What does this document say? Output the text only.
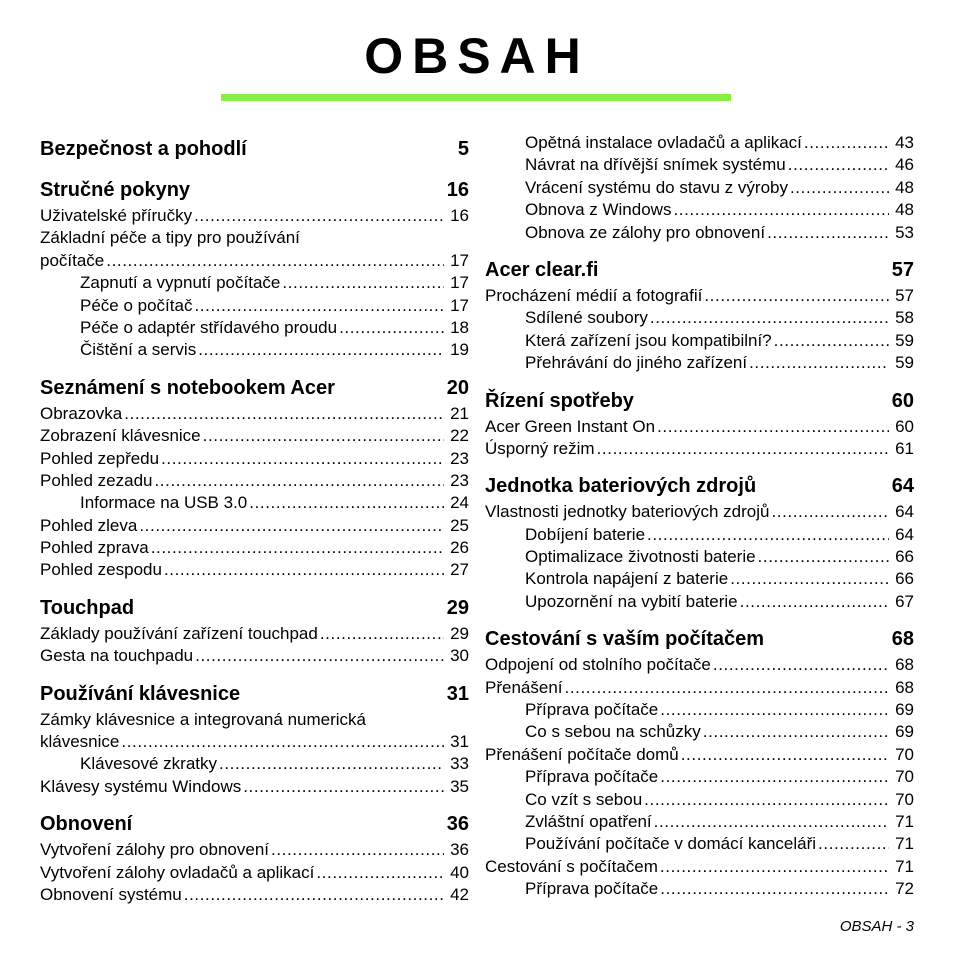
OBSAH
Bezpečnost a pohodlí	5
Stručné pokyny	16
Uživatelské příručky .....	16
Základní péče a tipy pro používání
počítače .....	17
Zapnutí a vypnutí počítače .....	17
Péče o počítač .....	17
Péče o adaptér střídavého proudu .....	18
Čištění a servis .....	19
Seznámení s notebookem Acer	20
Obrazovka .....	21
Zobrazení klávesnice .....	22
Pohled zepředu .....	23
Pohled zezadu .....	23
Informace na USB 3.0 .....	24
Pohled zleva .....	25
Pohled zprava .....	26
Pohled zespodu .....	27
Touchpad	29
Základy používání zařízení touchpad .....	29
Gesta na touchpadu .....	30
Používání klávesnice	31
Zámky klávesnice a integrovaná numerická
klávesnice .....	31
Klávesové zkratky .....	33
Klávesy systému Windows .....	35
Obnovení	36
Vytvoření zálohy pro obnovení .....	36
Vytvoření zálohy ovladačů a aplikací .....	40
Obnovení systému .....	42
Opětná instalace ovladačů a aplikací .....	43
Návrat na dřívější snímek systému .....	46
Vrácení systému do stavu z výroby .....	48
Obnova z Windows .....	48
Obnova ze zálohy pro obnovení .....	53
Acer clear.fi	57
Procházení médií a fotografií .....	57
Sdílené soubory .....	58
Která zařízení jsou kompatibilní? .....	59
Přehrávání do jiného zařízení .....	59
Řízení spotřeby	60
Acer Green Instant On .....	60
Úsporný režim .....	61
Jednotka bateriových zdrojů	64
Vlastnosti jednotky bateriových zdrojů .....	64
Dobíjení baterie .....	64
Optimalizace životnosti baterie .....	66
Kontrola napájení z baterie .....	66
Upozornění na vybití baterie .....	67
Cestování s vaším počítačem	68
Odpojení od stolního počítače .....	68
Přenášení .....	68
Příprava počítače .....	69
Co s sebou na schůzky .....	69
Přenášení počítače domů .....	70
Příprava počítače .....	70
Co vzít s sebou .....	70
Zvláštní opatření .....	71
Používání počítače v domácí kanceláři .....	71
Cestování s počítačem .....	71
Příprava počítače .....	72
OBSAH - 3
